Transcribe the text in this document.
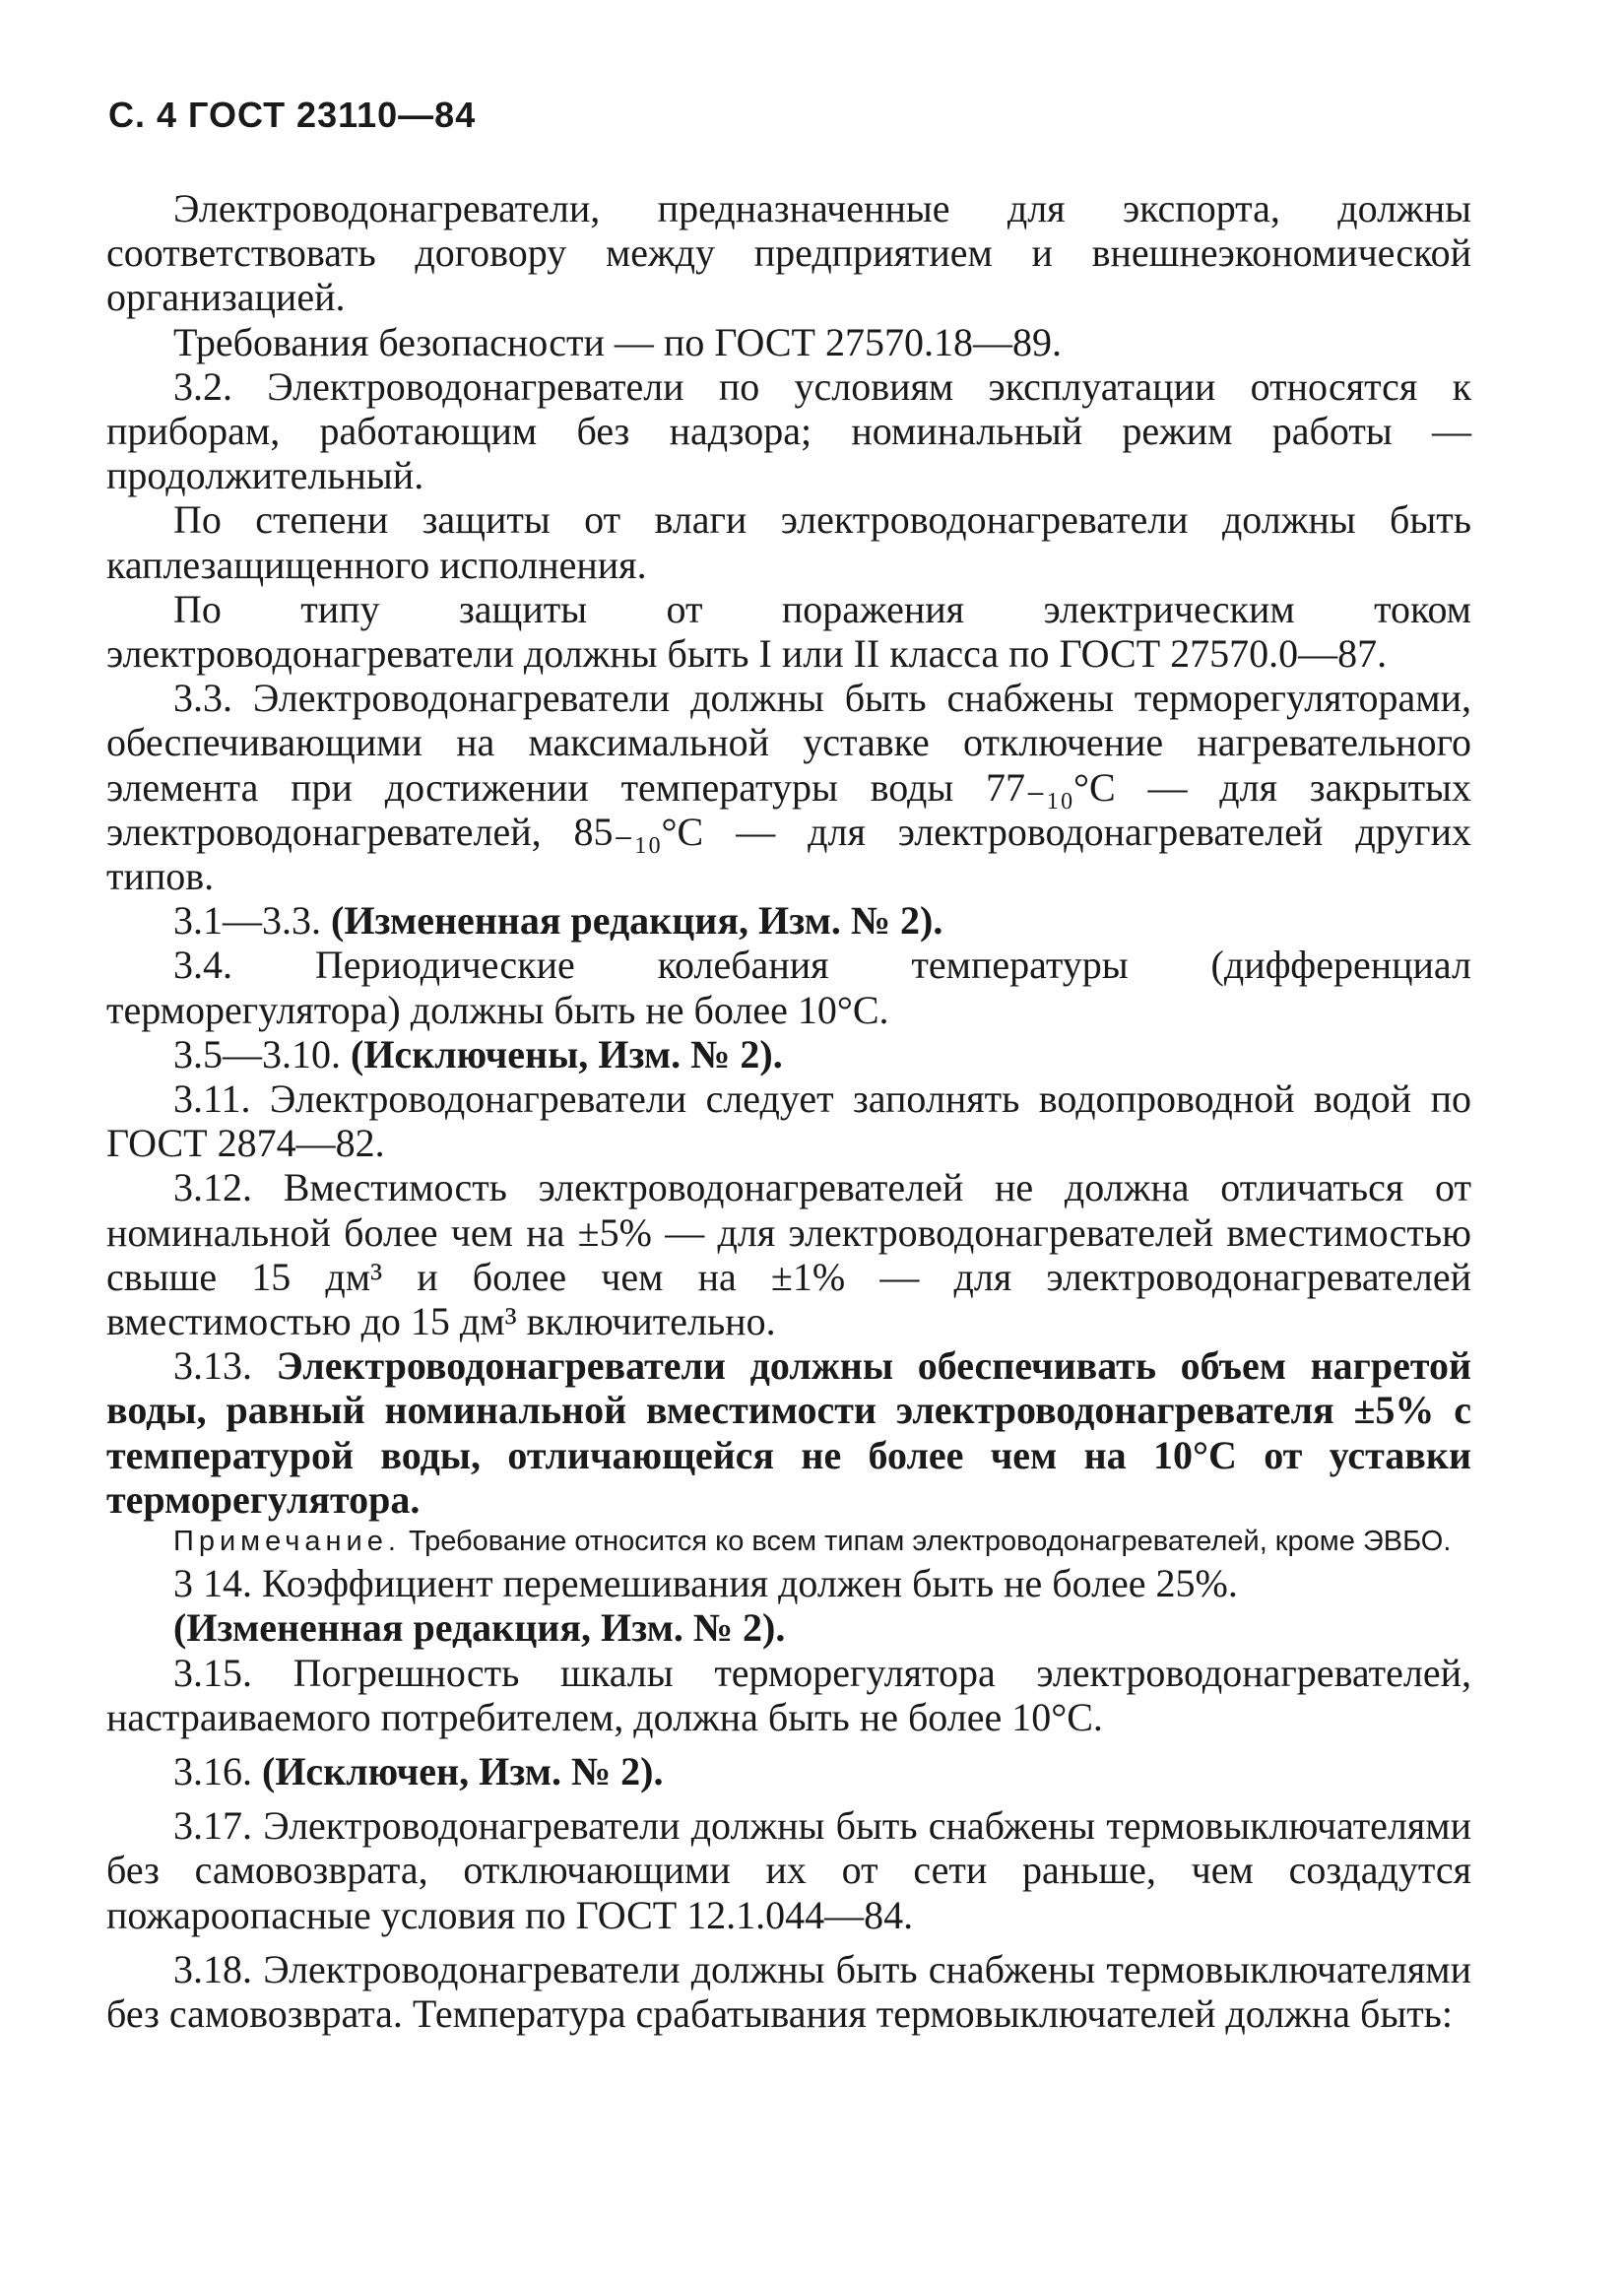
С. 4 ГОСТ 23110—84

Электроводонагреватели, предназначенные для экспорта, должны соответствовать договору между предприятием и внешнеэкономической организацией.

Требования безопасности — по ГОСТ 27570.18—89.

3.2. Электроводонагреватели по условиям эксплуатации относятся к приборам, работающим без надзора; номинальный режим работы — продолжительный.

По степени защиты от влаги электроводонагреватели должны быть каплезащищенного исполнения.

По типу защиты от поражения электрическим током электроводонагреватели должны быть I или II класса по ГОСТ 27570.0—87.

3.3. Электроводонагреватели должны быть снабжены терморегуляторами, обеспечивающими на максимальной уставке отключение нагревательного элемента при достижении температуры воды 77₋₁₀°С — для закрытых электроводонагревателей, 85₋₁₀°С — для электроводонагревателей других типов.

3.1—3.3. (Измененная редакция, Изм. № 2).

3.4. Периодические колебания температуры (дифференциал терморегулятора) должны быть не более 10°С.

3.5—3.10. (Исключены, Изм. № 2).

3.11. Электроводонагреватели следует заполнять водопроводной водой по ГОСТ 2874—82.

3.12. Вместимость электроводонагревателей не должна отличаться от номинальной более чем на ±5% — для электроводонагревателей вместимостью свыше 15 дм³ и более чем на ±1% — для электроводонагревателей вместимостью до 15 дм³ включительно.

3.13. Электроводонагреватели должны обеспечивать объем нагретой воды, равный номинальной вместимости электроводонагревателя ±5% с температурой воды, отличающейся не более чем на 10°С от уставки терморегулятора.

Примечание. Требование относится ко всем типам электроводонагревателей, кроме ЭВБО.

3 14. Коэффициент перемешивания должен быть не более 25%.

(Измененная редакция, Изм. № 2).

3.15. Погрешность шкалы терморегулятора электроводонагревателей, настраиваемого потребителем, должна быть не более 10°С.

3.16. (Исключен, Изм. № 2).

3.17. Электроводонагреватели должны быть снабжены термовыключателями без самовозврата, отключающими их от сети раньше, чем создадутся пожароопасные условия по ГОСТ 12.1.044—84.

3.18. Электроводонагреватели должны быть снабжены термовыключателями без самовозврата. Температура срабатывания термовыключателей должна быть:
